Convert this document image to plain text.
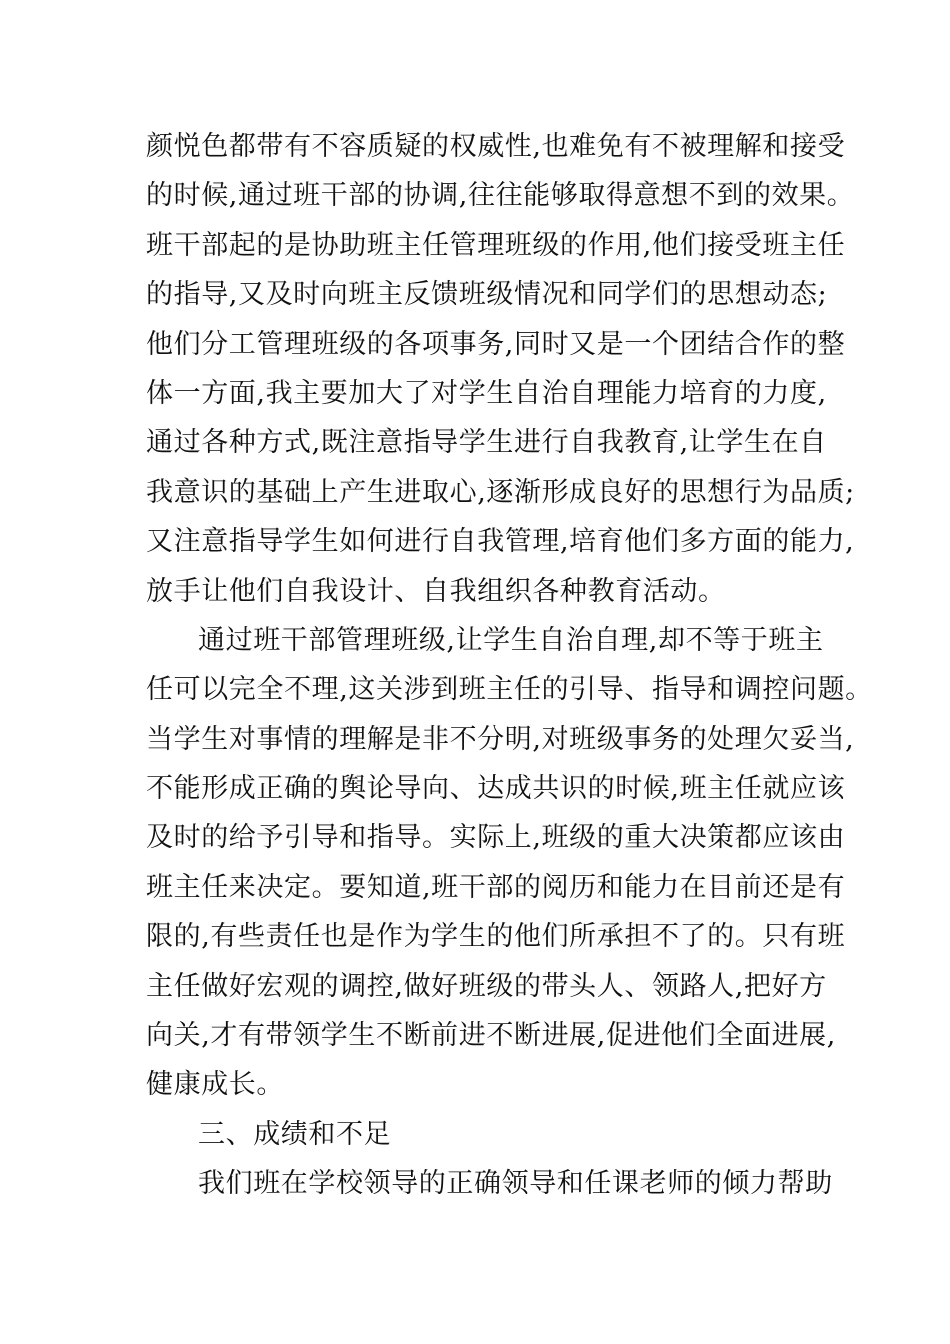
颜悦色都带有不容质疑的权威性,也难免有不被理解和接受
的时候,通过班干部的协调,往往能够取得意想不到的效果。
班干部起的是协助班主任管理班级的作用,他们接受班主任
的指导,又及时向班主反馈班级情况和同学们的思想动态;
他们分工管理班级的各项事务,同时又是一个团结合作的整
体一方面,我主要加大了对学生自治自理能力培育的力度,
通过各种方式,既注意指导学生进行自我教育,让学生在自
我意识的基础上产生进取心,逐渐形成良好的思想行为品质;
又注意指导学生如何进行自我管理,培育他们多方面的能力,
放手让他们自我设计、自我组织各种教育活动。
通过班干部管理班级,让学生自治自理,却不等于班主
任可以完全不理,这关涉到班主任的引导、指导和调控问题。
当学生对事情的理解是非不分明,对班级事务的处理欠妥当,
不能形成正确的舆论导向、达成共识的时候,班主任就应该
及时的给予引导和指导。实际上,班级的重大决策都应该由
班主任来决定。要知道,班干部的阅历和能力在目前还是有
限的,有些责任也是作为学生的他们所承担不了的。只有班
主任做好宏观的调控,做好班级的带头人、领路人,把好方
向关,才有带领学生不断前进不断进展,促进他们全面进展,
健康成长。
三、成绩和不足
我们班在学校领导的正确领导和任课老师的倾力帮助
